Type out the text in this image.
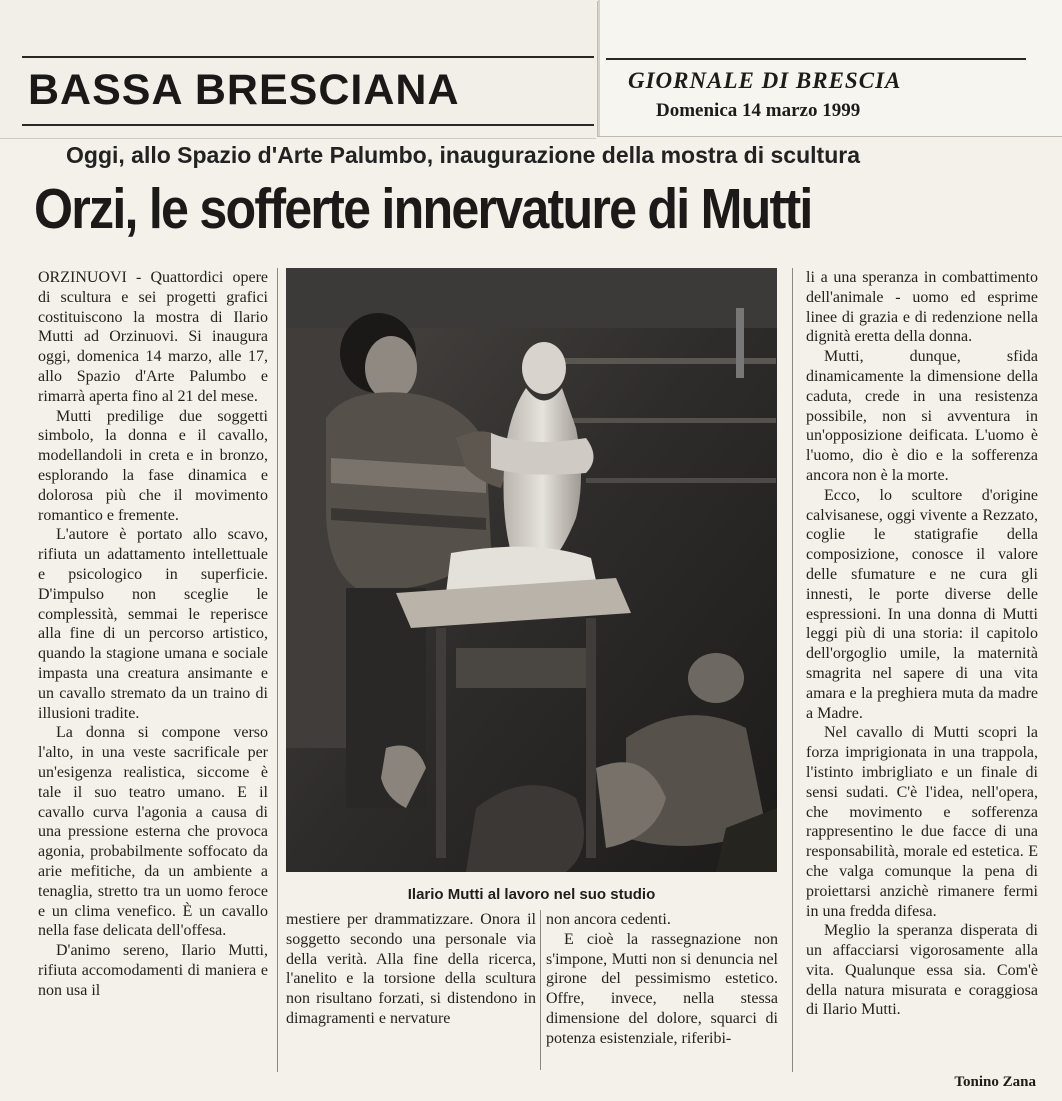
BASSA BRESCIANA	GIORNALE DI BRESCIA
Domenica 14 marzo 1999
Oggi, allo Spazio d'Arte Palumbo, inaugurazione della mostra di scultura
Orzi, le sofferte innervature di Mutti

ORZINUOVI - Quattordici opere di scultura e sei progetti grafici costituiscono la mostra di Ilario Mutti ad Orzinuovi. Si inaugura oggi, domenica 14 marzo, alle 17, allo Spazio d'Arte Palumbo e rimarrà aperta fino al 21 del mese.

Mutti predilige due soggetti simbolo, la donna e il cavallo, modellandoli in creta e in bronzo, esplorando la fase dinamica e dolorosa più che il movimento romantico e fremente.

L'autore è portato allo scavo, rifiuta un adattamento intellettuale e psicologico in superficie. D'impulso non sceglie le complessità, semmai le reperisce alla fine di un percorso artistico, quando la stagione umana e sociale impasta una creatura ansimante e un cavallo stremato da un traino di illusioni tradite.

La donna si compone verso l'alto, in una veste sacrificale per un'esigenza realistica, siccome è tale il suo teatro umano. E il cavallo curva l'agonia a causa di una pressione esterna che provoca agonia, probabilmente soffocato da arie mefitiche, da un ambiente a tenaglia, stretto tra un uomo feroce e un clima venefico. È un cavallo nella fase delicata dell'offesa.

D'animo sereno, Ilario Mutti, rifiuta accomodamenti di maniera e non usa il

Ilario Mutti al lavoro nel suo studio

mestiere per drammatizzare. Onora il soggetto secondo una personale via della verità. Alla fine della ricerca, l'anelito e la torsione della scultura non risultano forzati, si distendono in dimagramenti e nervature

non ancora cedenti.

E cioè la rassegnazione non s'impone, Mutti non si denuncia nel girone del pessimismo estetico. Offre, invece, nella stessa dimensione del dolore, squarci di potenza esistenziale, riferibi-

li a una speranza in combattimento dell'animale - uomo ed esprime linee di grazia e di redenzione nella dignità eretta della donna.

Mutti, dunque, sfida dinamicamente la dimensione della caduta, crede in una resistenza possibile, non si avventura in un'opposizione deificata. L'uomo è l'uomo, dio è dio e la sofferenza ancora non è la morte.

Ecco, lo scultore d'origine calvisanese, oggi vivente a Rezzato, coglie le statigrafie della composizione, conosce il valore delle sfumature e ne cura gli innesti, le porte diverse delle espressioni. In una donna di Mutti leggi più di una storia: il capitolo dell'orgoglio umile, la maternità smagrita nel sapere di una vita amara e la preghiera muta da madre a Madre.

Nel cavallo di Mutti scopri la forza imprigionata in una trappola, l'istinto imbrigliato e un finale di sensi sudati. C'è l'idea, nell'opera, che movimento e sofferenza rappresentino le due facce di una responsabilità, morale ed estetica. E che valga comunque la pena di proiettarsi anzichè rimanere fermi in una fredda difesa.

Meglio la speranza disperata di un affacciarsi vigorosamente alla vita. Qualunque essa sia. Com'è della natura misurata e coraggiosa di Ilario Mutti.

Tonino Zana
